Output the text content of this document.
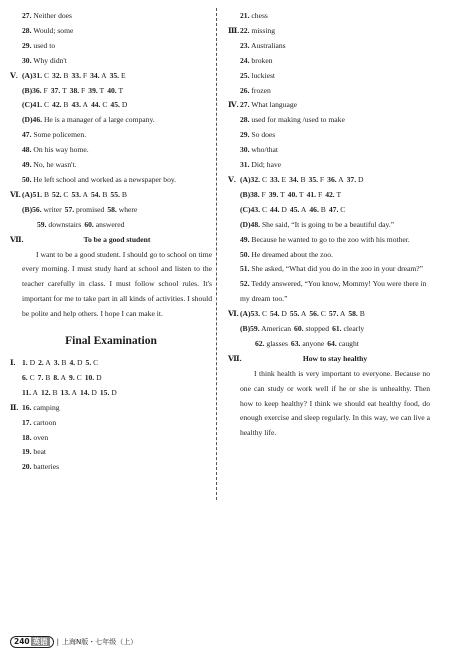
27. Neither does
28. Would; some
29. used to
30. Why didn't
Ⅴ. (A)31. C32. B33. F34. A35. E
(B)36. F37. T38. F39. T40. T
(C)41. C42. B43. A44. C45. D
(D)46. He is a manager of a large company.
47. Some policemen.
48. On his way home.
49. No, he wasn't.
50. He left school and worked as a newspaper boy.
Ⅵ. (A)51. B52. C53. A54. B55. B
(B)56. writer57. promised58. where
59. downstairs60. answered
Ⅶ.	To be a good student
I want to be a good student. I should go to school on time every morning. I must study hard at school and listen to the teacher carefully in class. I must follow school rules. It's important for me to take part in all kinds of activities. I should be polite and help others. I hope I can make it.
Final Examination
Ⅰ. 1. D2. A3. B4. D5. C
6. C7. B8. A9. C10. D
11. A12. B13. A14. D15. D
Ⅱ. 16. camping
17. cartoon
18. oven
19. beat
20. batteries
21.
chess
Ⅲ. 22. missing
23. Australians
24. broken
25. luckiest
26. frozen
Ⅳ. 27. What language
28. used for making /used to make
29. So does
30. who/that
31. Did; have
Ⅴ. (A)32. C33. E34. B35. F36. A37. D
(B)38. F39. T40. T41. F42. T
(C)43. C44. D45. A46. B47. C
(D)48. She said, “It is going to be a beautiful day.”
49. Because he wanted to go to the zoo with his mother.
50. He dreamed about the zoo.
51. She asked, “What did you do in the zoo in your dream?”
52. Teddy answered, “You know, Mommy! You were there in my dream too.”
Ⅵ. (A)53. C54. D55. A56. C57. A58. B
(B)59. American60. stopped61. clearly
62. glasses63. anyone64. caught
Ⅶ.	How to stay healthy
I think health is very important to everyone. Because no one can study or work well if he or she is unhealthy. Then how to keep healthy? I think we should eat healthy food, do enough exercise and sleep regularly. In this way, we can live a healthy life.
240 英语	| 上海N版・七年级（上）
